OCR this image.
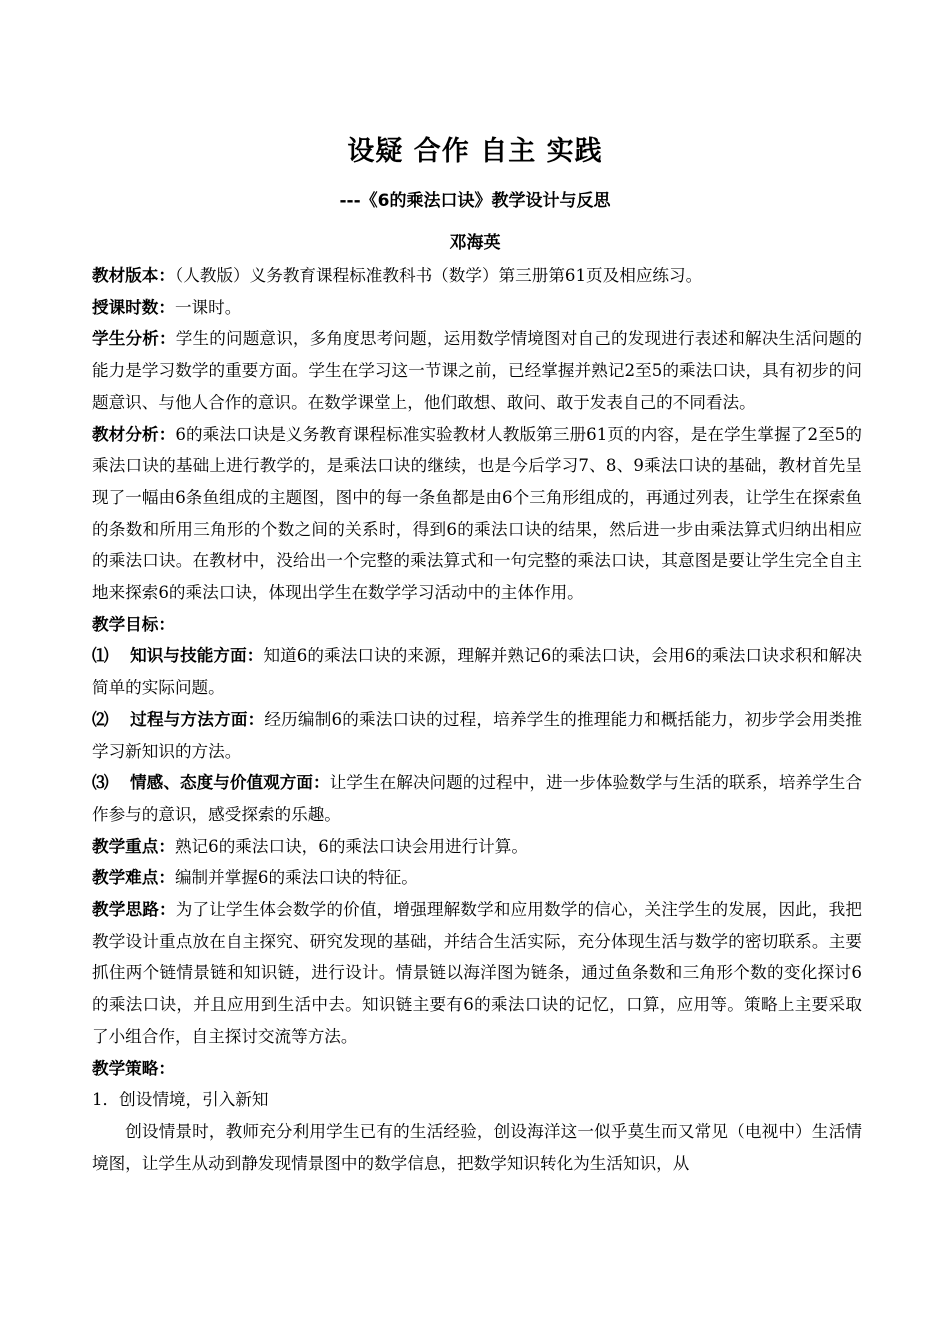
设疑 合作 自主 实践
---《6的乘法口诀》教学设计与反思
邓海英

教材版本：（人教版）义务教育课程标准教科书（数学）第三册第61页及相应练习。

授课时数：一课时。

学生分析：学生的问题意识，多角度思考问题，运用数学情境图对自己的发现进行表述和解决生活问题的能力是学习数学的重要方面。学生在学习这一节课之前，已经掌握并熟记2至5的乘法口诀，具有初步的问题意识、与他人合作的意识。在数学课堂上，他们敢想、敢问、敢于发表自己的不同看法。

教材分析：6的乘法口诀是义务教育课程标准实验教材人教版第三册61页的内容，是在学生掌握了2至5的乘法口诀的基础上进行教学的，是乘法口诀的继续，也是今后学习7、8、9乘法口诀的基础，教材首先呈现了一幅由6条鱼组成的主题图，图中的每一条鱼都是由6个三角形组成的，再通过列表，让学生在探索鱼的条数和所用三角形的个数之间的关系时，得到6的乘法口诀的结果，然后进一步由乘法算式归纳出相应的乘法口诀。在教材中，没给出一个完整的乘法算式和一句完整的乘法口诀，其意图是要让学生完全自主地来探索6的乘法口诀，体现出学生在数学学习活动中的主体作用。

教学目标：

⑴ 知识与技能方面：知道6的乘法口诀的来源，理解并熟记6的乘法口诀，会用6的乘法口诀求积和解决简单的实际问题。

⑵ 过程与方法方面：经历编制6的乘法口诀的过程，培养学生的推理能力和概括能力，初步学会用类推学习新知识的方法。

⑶ 情感、态度与价值观方面：让学生在解决问题的过程中，进一步体验数学与生活的联系，培养学生合作参与的意识，感受探索的乐趣。

教学重点：熟记6的乘法口诀，6的乘法口诀会用进行计算。

教学难点：编制并掌握6的乘法口诀的特征。

教学思路：为了让学生体会数学的价值，增强理解数学和应用数学的信心，关注学生的发展，因此，我把教学设计重点放在自主探究、研究发现的基础，并结合生活实际，充分体现生活与数学的密切联系。主要抓住两个链情景链和知识链，进行设计。情景链以海洋图为链条，通过鱼条数和三角形个数的变化探讨6的乘法口诀，并且应用到生活中去。知识链主要有6的乘法口诀的记忆，口算，应用等。策略上主要采取了小组合作，自主探讨交流等方法。

教学策略：

1．创设情境，引入新知

创设情景时，教师充分利用学生已有的生活经验，创设海洋这一似乎莫生而又常见（电视中）生活情境图，让学生从动到静发现情景图中的数学信息，把数学知识转化为生活知识，从
